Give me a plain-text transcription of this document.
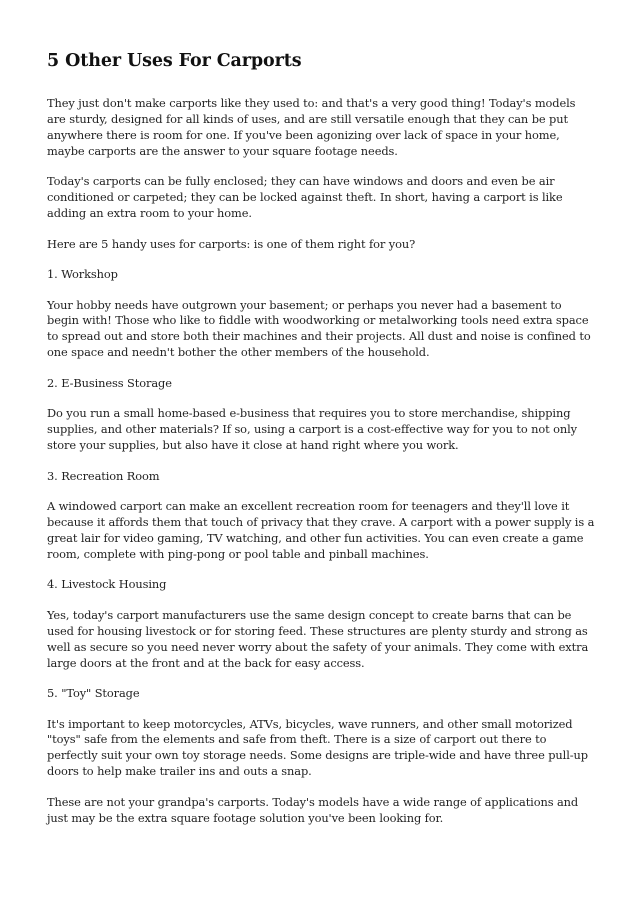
5 Other Uses For Carports

They just don't make carports like they used to: and that's a very good thing! Today's models are sturdy, designed for all kinds of uses, and are still versatile enough that they can be put anywhere there is room for one. If you've been agonizing over lack of space in your home, maybe carports are the answer to your square footage needs.

Today's carports can be fully enclosed; they can have windows and doors and even be air conditioned or carpeted; they can be locked against theft. In short, having a carport is like adding an extra room to your home.

Here are 5 handy uses for carports: is one of them right for you?

1. Workshop

Your hobby needs have outgrown your basement; or perhaps you never had a basement to begin with! Those who like to fiddle with woodworking or metalworking tools need extra space to spread out and store both their machines and their projects. All dust and noise is confined to one space and needn't bother the other members of the household.

2. E-Business Storage

Do you run a small home-based e-business that requires you to store merchandise, shipping supplies, and other materials? If so, using a carport is a cost-effective way for you to not only store your supplies, but also have it close at hand right where you work.

3. Recreation Room

A windowed carport can make an excellent recreation room for teenagers and they'll love it because it affords them that touch of privacy that they crave. A carport with a power supply is a great lair for video gaming, TV watching, and other fun activities. You can even create a game room, complete with ping-pong or pool table and pinball machines.

4. Livestock Housing

Yes, today's carport manufacturers use the same design concept to create barns that can be used for housing livestock or for storing feed. These structures are plenty sturdy and strong as well as secure so you need never worry about the safety of your animals. They come with extra large doors at the front and at the back for easy access.

5. "Toy" Storage

It's important to keep motorcycles, ATVs, bicycles, wave runners, and other small motorized "toys" safe from the elements and safe from theft. There is a size of carport out there to perfectly suit your own toy storage needs. Some designs are triple-wide and have three pull-up doors to help make trailer ins and outs a snap.

These are not your grandpa's carports. Today's models have a wide range of applications and just may be the extra square footage solution you've been looking for.
